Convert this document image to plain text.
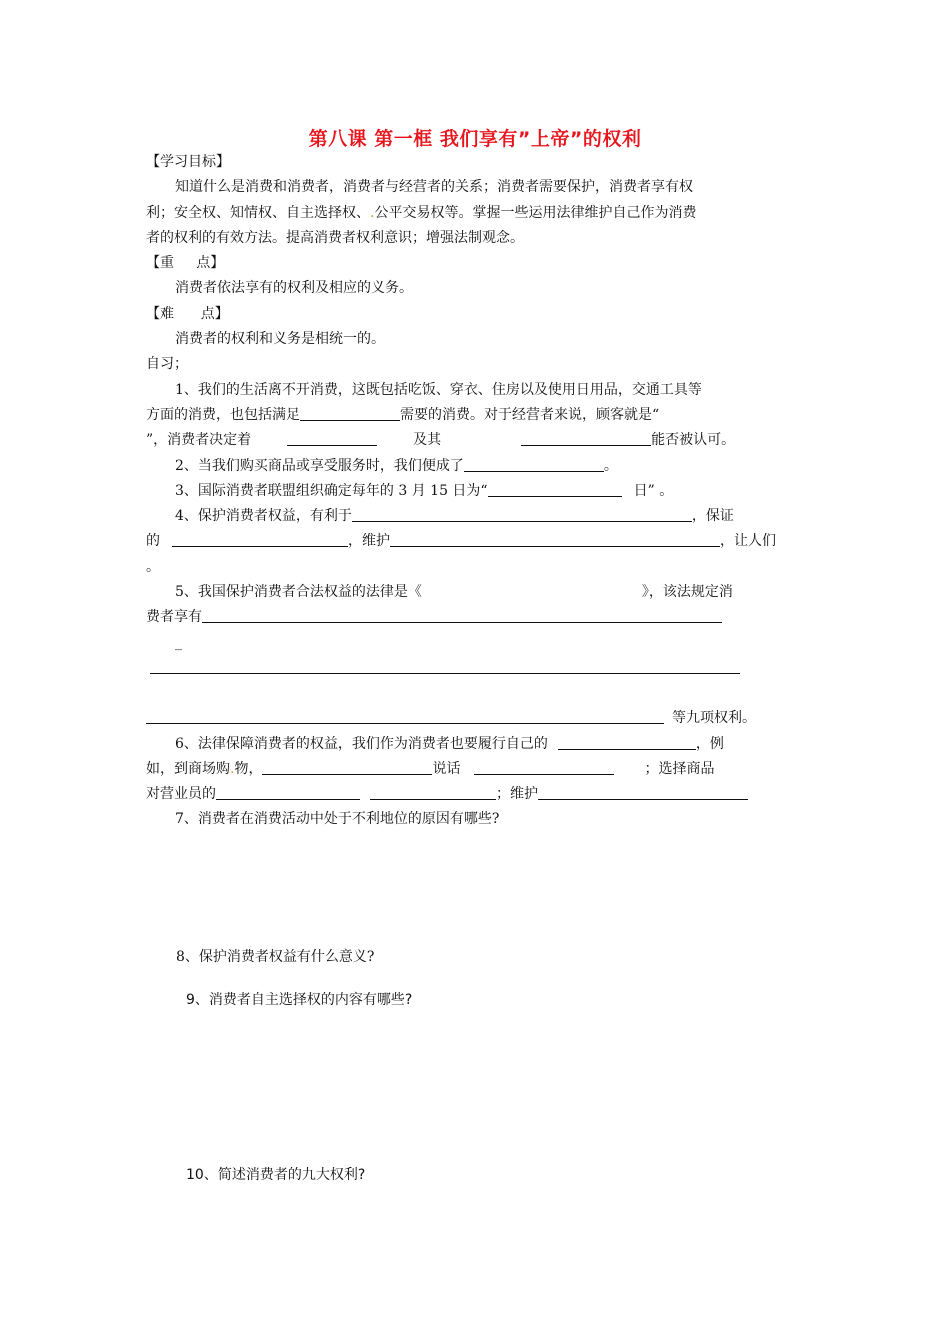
第八课 第一框 我们享有”上帝”的权利
【学习目标】
知道什么是消费和消费者，消费者与经营者的关系；消费者需要保护，消费者享有权
利；安全权、知情权、自主选择权、.公平交易权等。掌握一些运用法律维护自己作为消费
者的权利的有效方法。提高消费者权利意识；增强法制观念。
【重     点】
消费者依法享有的权利及相应的义务。
【难      点】
消费者的权利和义务是相统一的。
自习；
1、我们的生活离不开消费，这既包括吃饭、穿衣、住房以及使用日用品，交通工具等
方面的消费，也包括满足	需要的消费。对于经营者来说，顾客就是“
”，消费者决定着	及其	能否被认可。
2、当我们购买商品或享受服务时，我们便成了	。
3、国际消费者联盟组织确定每年的 3 月 15 日为“	日” 。
4、保护消费者权益，有利于	，保证
的	，维护	，让人们
。
5、我国保护消费者合法权益的法律是《	》，该法规定消
费者享有
_
等九项权利。
6、法律保障消费者的权益，我们作为消费者也要履行自己的	，例
如，到商场购.物，	说话	；选择商品
对营业员的	；维护
7、消费者在消费活动中处于不利地位的原因有哪些?
8、保护消费者权益有什么意义?
9、消费者自主选择权的内容有哪些?
10、简述消费者的九大权利?
